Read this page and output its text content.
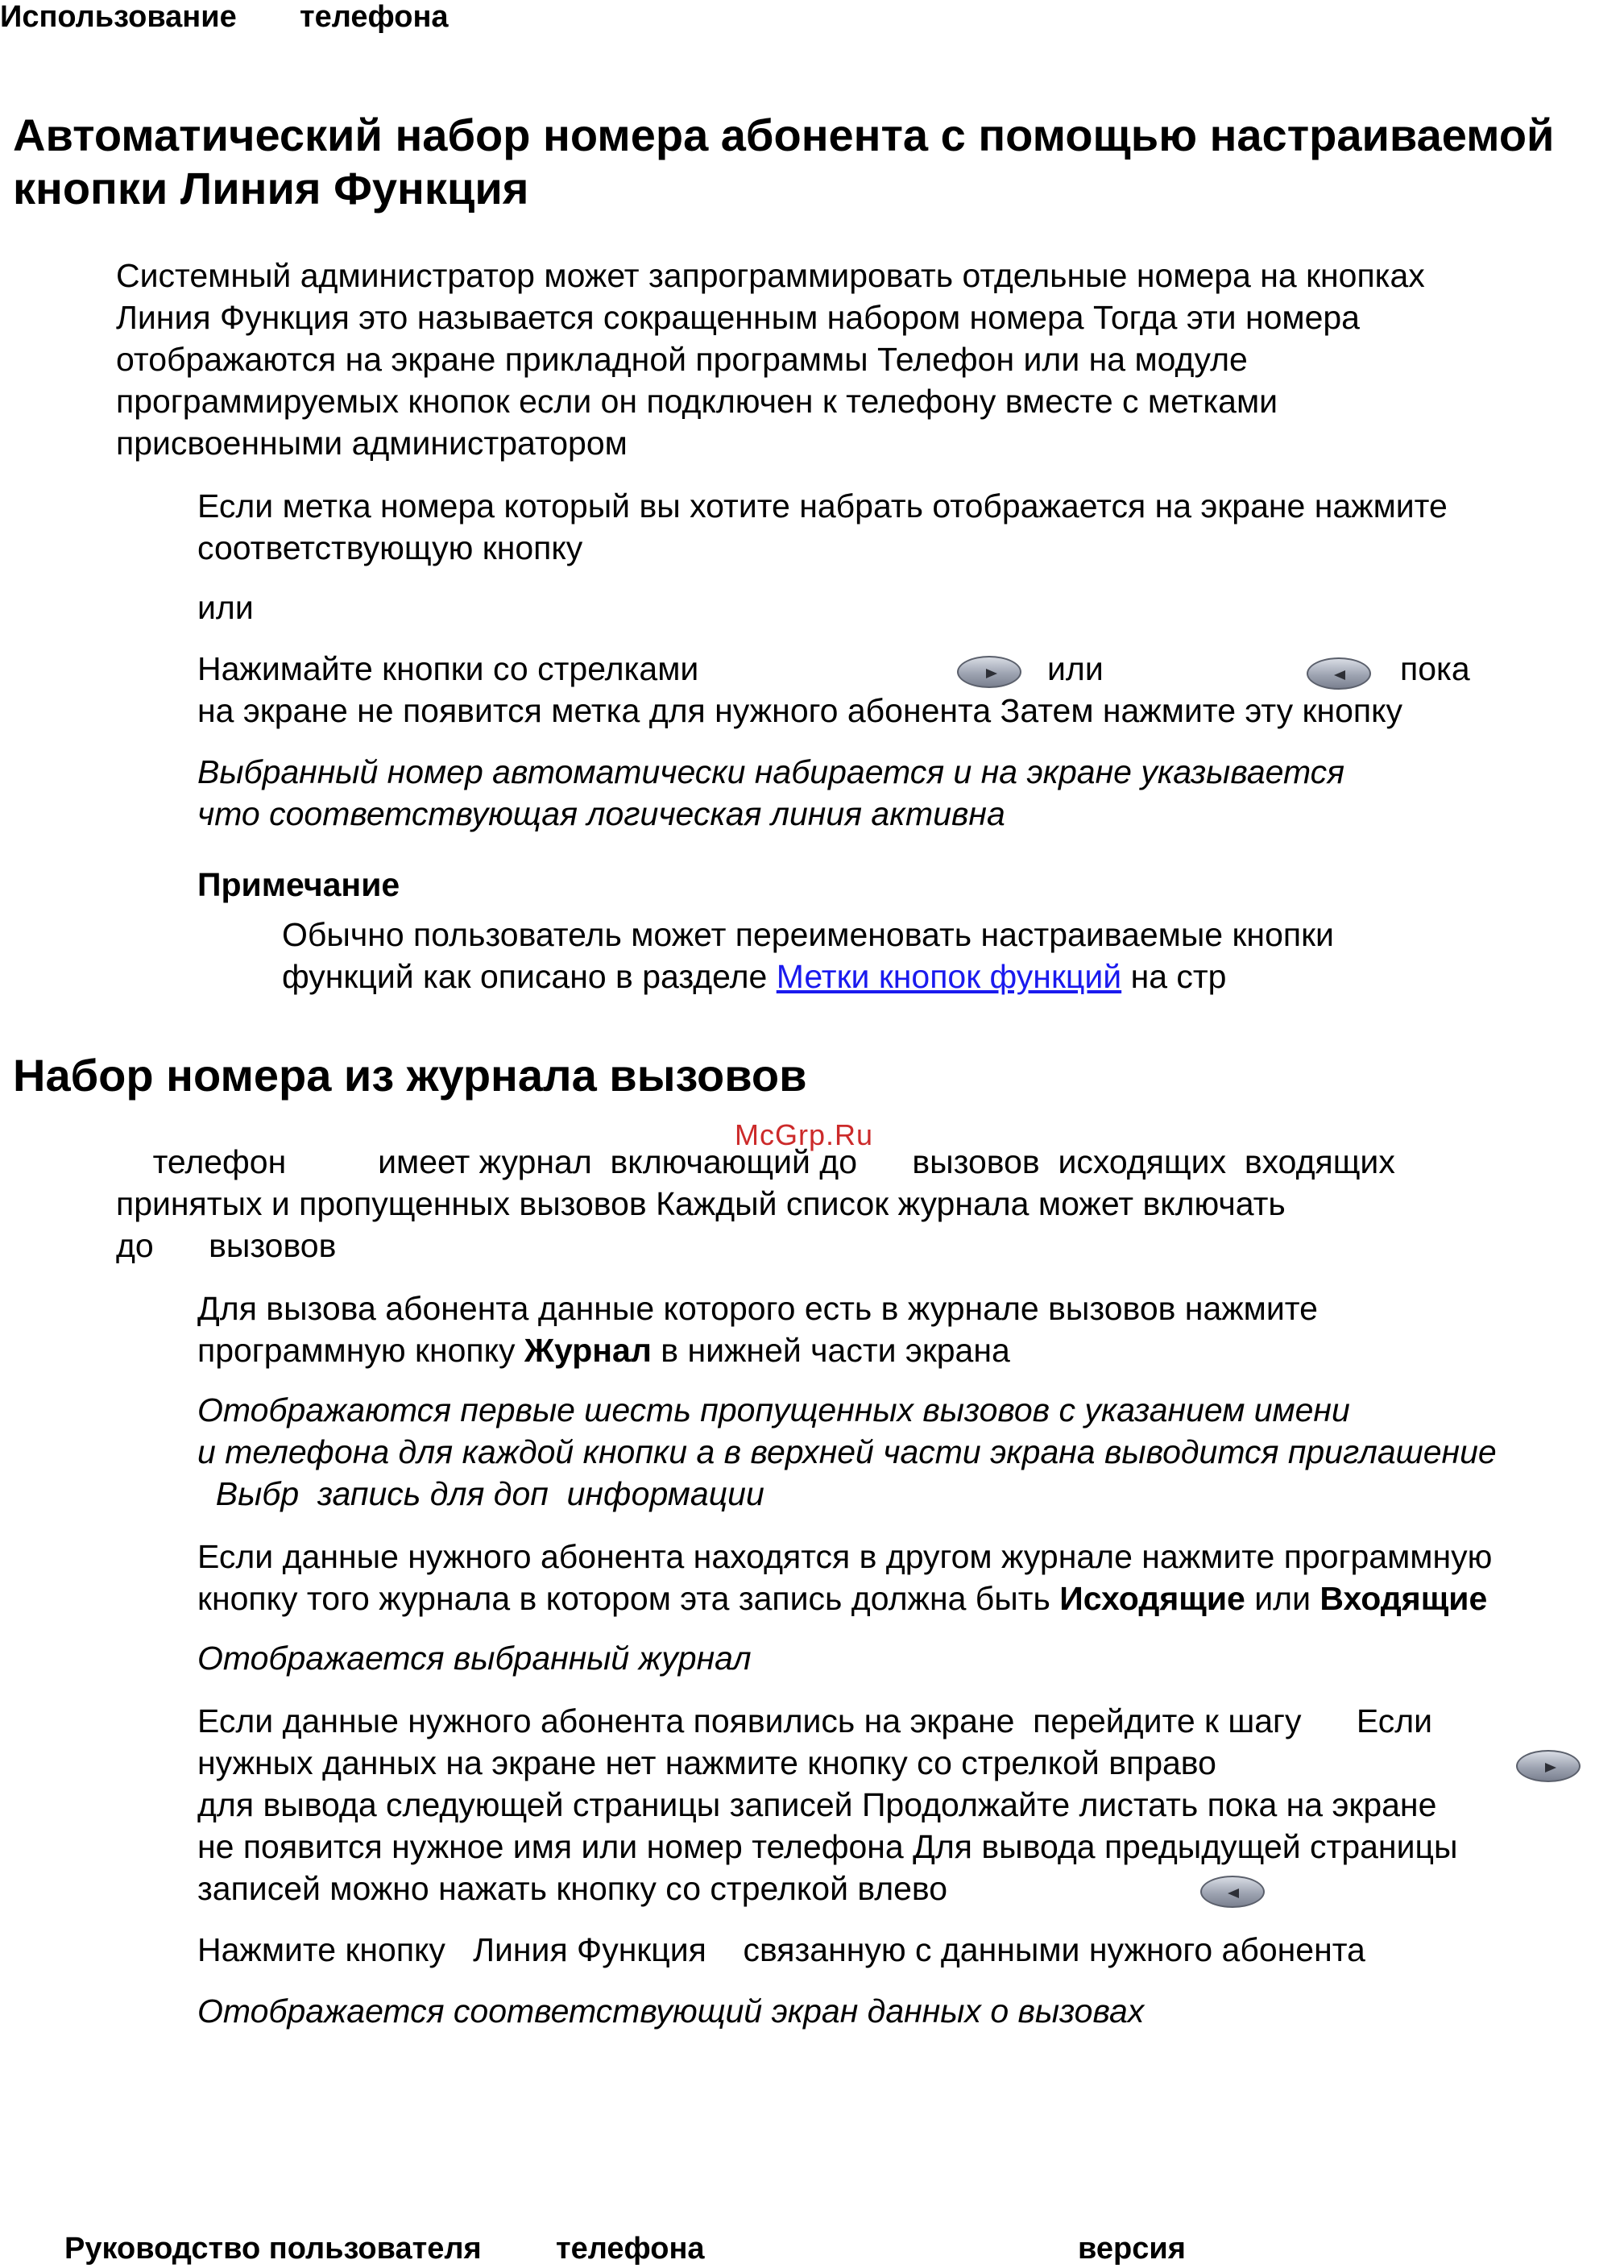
Использование телефона
Автоматический набор номера абонента с помощью настраиваемой
кнопки Линия Функция
Системный администратор может запрограммировать отдельные номера на кнопках
Линия Функция это называется сокращенным набором номера Тогда эти номера
отображаются на экране прикладной программы Телефон или на модуле
программируемых кнопок если он подключен к телефону вместе с метками
присвоенными администратором
Если метка номера который вы хотите набрать отображается на экране нажмите
соответствующую кнопку
или
Нажимайте кнопки со стрелками	или	пока
на экране не появится метка для нужного абонента Затем нажмите эту кнопку
Выбранный номер автоматически набирается и на экране указывается
что соответствующая логическая линия активна
Примечание
Обычно пользователь может переименовать настраиваемые кнопки
функций как описано в разделе Метки кнопок функций на стр
Набор номера из журнала вызовов
McGrp.Ru
телефон          имеет журнал  включающий до      вызовов  исходящих  входящих
принятых и пропущенных вызовов Каждый список журнала может включать
до      вызовов
Для вызова абонента данные которого есть в журнале вызовов нажмите
программную кнопку Журнал в нижней части экрана
Отображаются первые шесть пропущенных вызовов с указанием имени
и телефона для каждой кнопки а в верхней части экрана выводится приглашение
Выбр  запись для доп  информации
Если данные нужного абонента находятся в другом журнале нажмите программную
кнопку того журнала в котором эта запись должна быть Исходящие или Входящие
Отображается выбранный журнал
Если данные нужного абонента появились на экране  перейдите к шагу      Если
нужных данных на экране нет нажмите кнопку со стрелкой вправо
для вывода следующей страницы записей Продолжайте листать пока на экране
не появится нужное имя или номер телефона Для вывода предыдущей страницы
записей можно нажать кнопку со стрелкой влево
Нажмите кнопку   Линия Функция    связанную с данными нужного абонента
Отображается соответствующий экран данных о вызовах
Руководство пользователя телефона	версия
